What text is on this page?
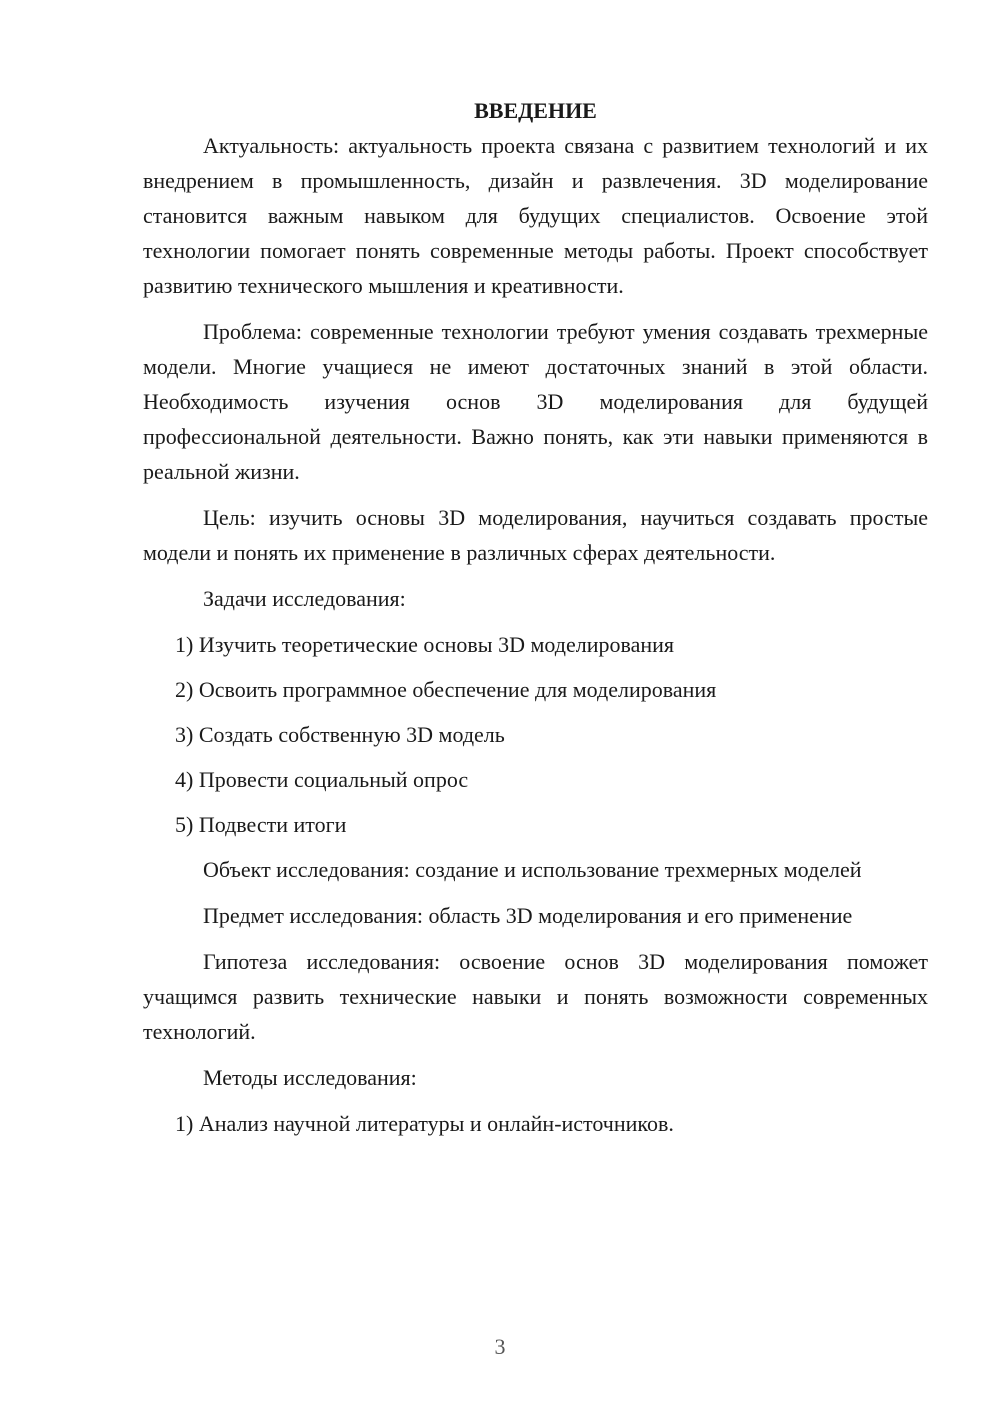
ВВЕДЕНИЕ

Актуальность: актуальность проекта связана с развитием технологий и их внедрением в промышленность, дизайн и развлечения. 3D моделирование становится важным навыком для будущих специалистов. Освоение этой технологии помогает понять современные методы работы. Проект способствует развитию технического мышления и креативности.

Проблема: современные технологии требуют умения создавать трехмерные модели. Многие учащиеся не имеют достаточных знаний в этой области. Необходимость изучения основ 3D моделирования для будущей профессиональной деятельности. Важно понять, как эти навыки применяются в реальной жизни.

Цель: изучить основы 3D моделирования, научиться создавать простые модели и понять их применение в различных сферах деятельности.

Задачи исследования:

1) Изучить теоретические основы 3D моделирования
2) Освоить программное обеспечение для моделирования
3) Создать собственную 3D модель
4) Провести социальный опрос
5) Подвести итоги

Объект исследования: создание и использование трехмерных моделей

Предмет исследования: область 3D моделирования и его применение

Гипотеза исследования: освоение основ 3D моделирования поможет учащимся развить технические навыки и понять возможности современных технологий.

Методы исследования:

1) Анализ научной литературы и онлайн-источников.
3
